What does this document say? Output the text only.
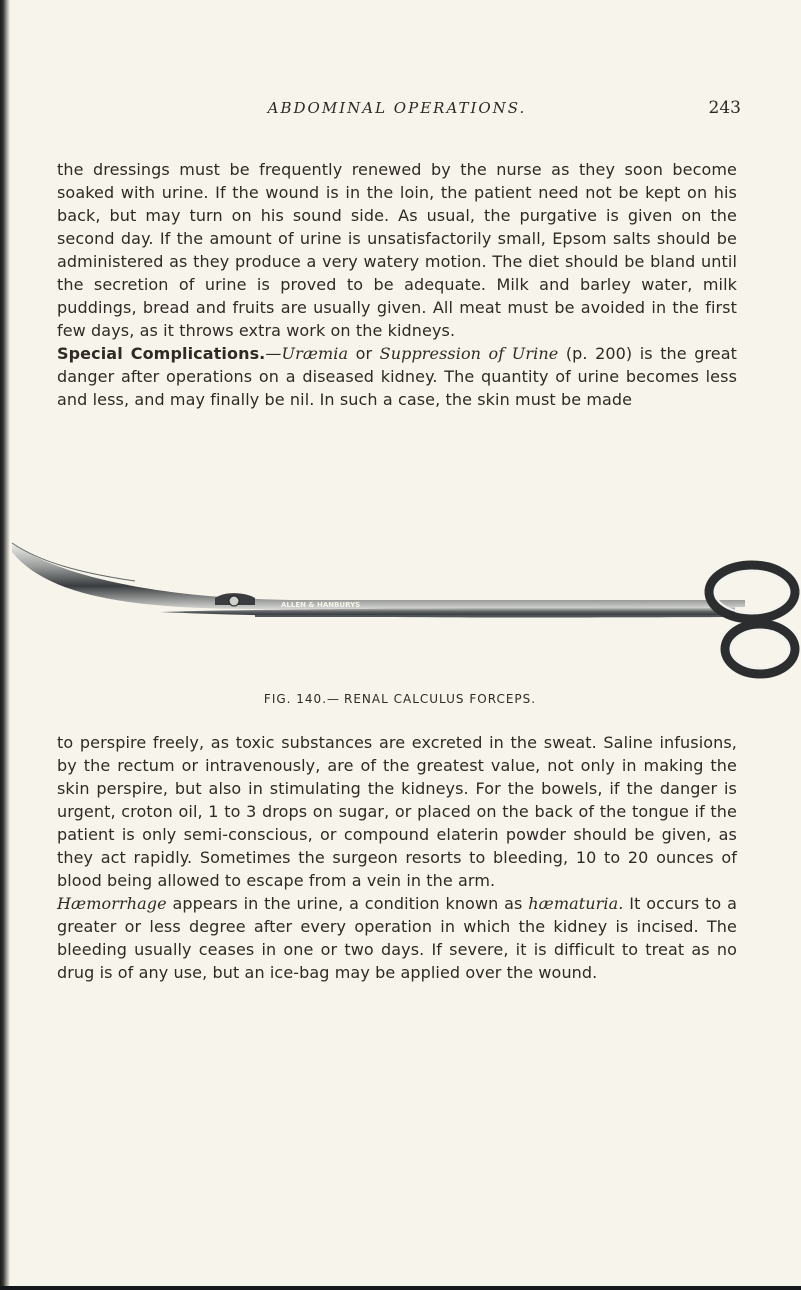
ABDOMINAL OPERATIONS.	243

the dressings must be frequently renewed by the nurse as they soon become soaked with urine. If the wound is in the loin, the patient need not be kept on his back, but may turn on his sound side. As usual, the purgative is given on the second day. If the amount of urine is unsatisfactorily small, Epsom salts should be administered as they produce a very watery motion. The diet should be bland until the secretion of urine is proved to be adequate. Milk and barley water, milk puddings, bread and fruits are usually given. All meat must be avoided in the first few days, as it throws extra work on the kidneys.

Special Complications.—Uræmia or Suppression of Urine (p. 200) is the great danger after operations on a diseased kidney. The quantity of urine becomes less and less, and may finally be nil. In such a case, the skin must be made

ALLEN & HANBURYS
FIG. 140.— RENAL CALCULUS FORCEPS.

to perspire freely, as toxic substances are excreted in the sweat. Saline infusions, by the rectum or intravenously, are of the greatest value, not only in making the skin perspire, but also in stimulating the kidneys. For the bowels, if the danger is urgent, croton oil, 1 to 3 drops on sugar, or placed on the back of the tongue if the patient is only semi-conscious, or compound elaterin powder should be given, as they act rapidly. Sometimes the surgeon resorts to bleeding, 10 to 20 ounces of blood being allowed to escape from a vein in the arm.

Hæmorrhage appears in the urine, a condition known as hæmaturia. It occurs to a greater or less degree after every operation in which the kidney is incised. The bleeding usually ceases in one or two days. If severe, it is difficult to treat as no drug is of any use, but an ice-bag may be applied over the wound.
